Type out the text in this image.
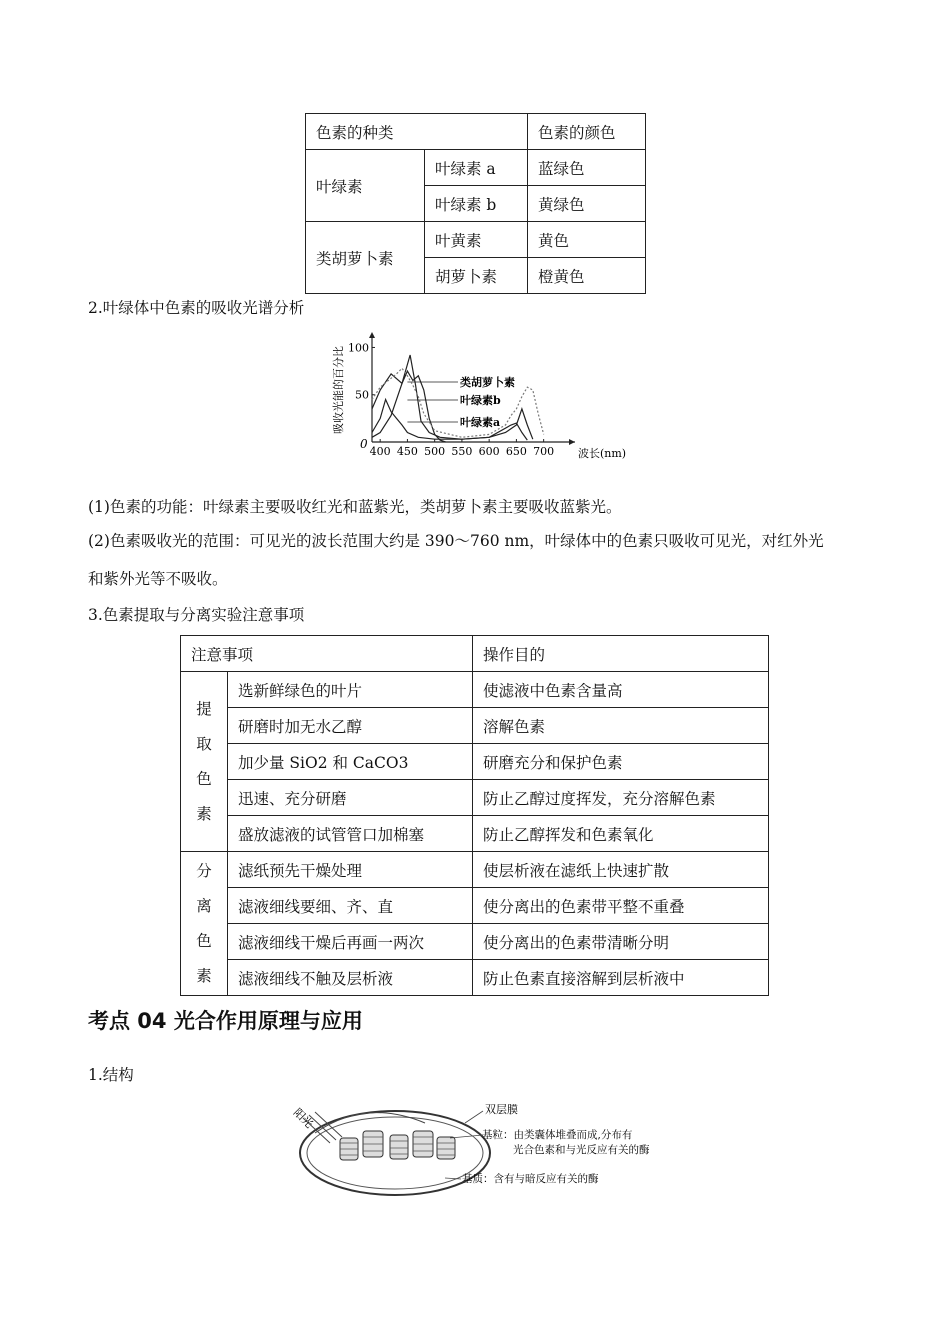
色素的种类		色素的颜色
叶绿素	叶绿素 a	蓝绿色
	叶绿素 b	黄绿色
类胡萝卜素	叶黄素	黄色
	胡萝卜素	橙黄色
2.叶绿体中色素的吸收光谱分析
400 450 500 550 600 650 700
50
100
0
吸收光能的百分比
波长(nm)
类胡萝卜素
叶绿素b
叶绿素a
(1)色素的功能：叶绿素主要吸收红光和蓝紫光，类胡萝卜素主要吸收蓝紫光。
(2)色素吸收光的范围：可见光的波长范围大约是 390～760 nm，叶绿体中的色素只吸收可见光，对红外光
和紫外光等不吸收。
3.色素提取与分离实验注意事项
注意事项		操作目的

提
取
色
素	选新鲜绿色的叶片	使滤液中色素含量高
	研磨时加无水乙醇	溶解色素
	加少量 SiO2 和 CaCO3	研磨充分和保护色素
	迅速、充分研磨	防止乙醇过度挥发，充分溶解色素
	盛放滤液的试管管口加棉塞	防止乙醇挥发和色素氧化

分
离
色
素	滤纸预先干燥处理	使层析液在滤纸上快速扩散
	滤液细线要细、齐、直	使分离出的色素带平整不重叠
	滤液细线干燥后再画一两次	使分离出的色素带清晰分明
	滤液细线不触及层析液	防止色素直接溶解到层析液中
考点 04 光合作用原理与应用
1.结构
阳光	双层膜
基粒：由类囊体堆叠而成,分布有
光合色素和与光反应有关的酶
基质：含有与暗反应有关的酶
